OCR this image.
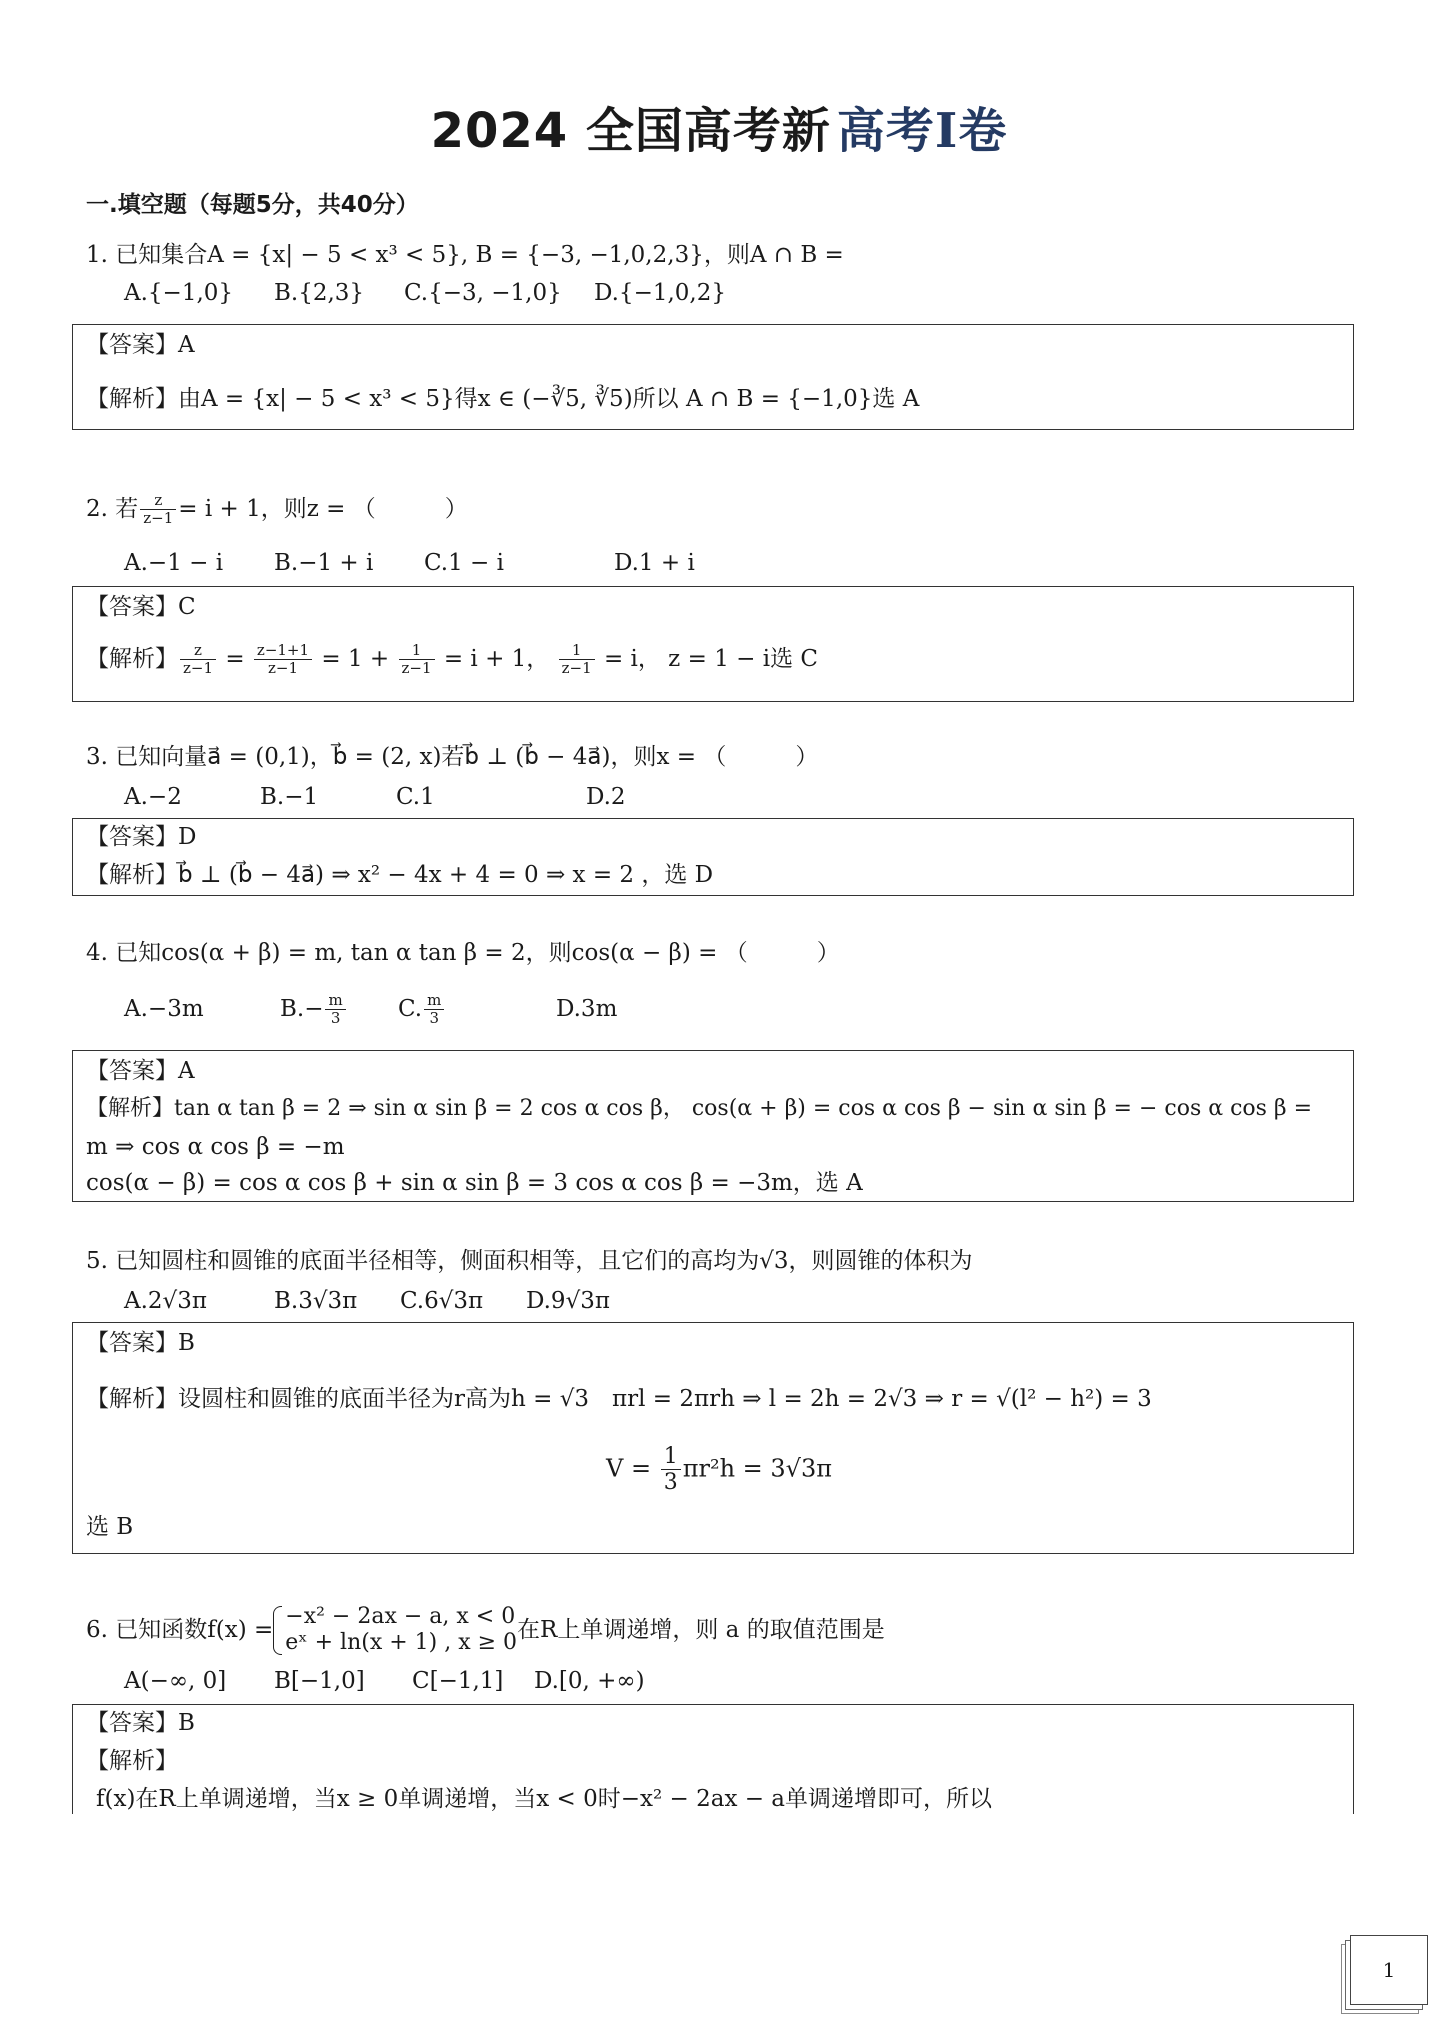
2024 全国高考新 高考Ⅰ卷
一.填空题（每题5分，共40分）
1. 已知集合A = {x| − 5 < x³ < 5}, B = {−3, −1,0,2,3}，则A ∩ B =
A.{−1,0} B.{2,3} C.{−3, −1,0} D.{−1,0,2}
【答案】A
【解析】由A = {x| − 5 < x³ < 5}得x ∈ (−∛5, ∛5)所以 A ∩ B = {−1,0}选 A
2. 若 $\frac{z}{z-1} = i + 1$，则z = （　　　）
A.−1 − i B.−1 + i C.1 − i	D.1 + i
【答案】C
【解析】 $\frac{z}{z-1} = \frac{z-1+1}{z-1} = 1 + \frac{1}{z-1} = i + 1$， $\frac{1}{z-1} = i$， z = 1 − i选 C
3. 已知向量a⃗ = (0,1)，b⃗ = (2, x)若b⃗ ⊥ (b⃗ − 4a⃗)，则x = （　　　）
A.−2	B.−1	C.1	D.2
【答案】D
【解析】b⃗ ⊥ (b⃗ − 4a⃗) ⇒ x² − 4x + 4 = 0 ⇒ x = 2 ，选 D
4. 已知cos(α + β) = m, tan α tan β = 2，则cos(α − β) = （　　　）
A.−3m	$B.- \frac{m}{3} C$. $\frac{m}{3}$	D.3m
【答案】A
【解析】tan α tan β = 2 ⇒ sin α sin β = 2 cos α cos β， cos(α + β) = cos α cos β − sin α sin β = − cos α cos β =
m ⇒ cos α cos β = −m
cos(α − β) = cos α cos β + sin α sin β = 3 cos α cos β = −3m，选 A
5. 已知圆柱和圆锥的底面半径相等，侧面积相等，且它们的高均为√3，则圆锥的体积为
A.2√3π	B.3√3π C.6√3π D.9√3π
【答案】B
【解析】设圆柱和圆锥的底面半径为r高为h = √3　πrl = 2πrh ⇒ l = 2h = 2√3 ⇒ r = √(l² − h²) = 3
$V = \frac{1}{3} \pi r^2h = 3√3\pi$
选 B
6. 已知函数f(x) =
−x² − 2ax − a, x < 0
eˣ + ln(x + 1) , x ≥ 0 在R上单调递增，则 a 的取值范围是
A(−∞, 0] B[−1,0] C[−1,1] D.[0, +∞)
【答案】B
【解析】
f(x)在R上单调递增，当x ≥ 0单调递增，当x < 0时−x² − 2ax − a单调递增即可，所以
1
